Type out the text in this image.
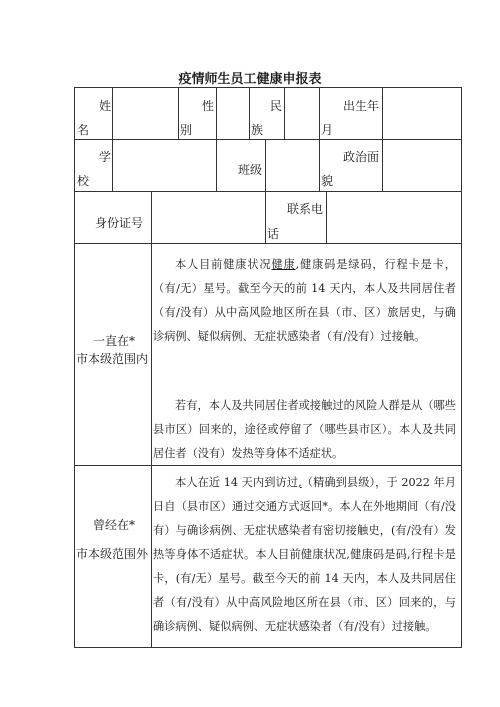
疫情师生员工健康申报表
姓
名
性
别
民
族
出生年
月
学
校
班级
政治面
貌
身份证号
联系电
话
一直在*
市本级范围内

本人目前健康状况健康,健康码是绿码，行程卡是卡，（有/无）星号。截至今天的前 14 天内，本人及共同居住者（有/没有）从中高风险地区所在县（市、区）旅居史，与确诊病例、疑似病例、无症状感染者（有/没有）过接触。

若有，本人及共同居住者或接触过的风险人群是从（哪些县市区）回来的，途径或停留了（哪些县市区）。本人及共同居住者（没有）发热等身体不适症状。

曾经在*
市本级范围外

本人在近 14 天内到访过,（精确到县级），于 2022 年月日自（县市区）通过交通方式返回*。本人在外地期间（有/没有）与确诊病例、无症状感染者有密切接触史，(有/没有）发热等身体不适症状。本人目前健康状况,健康码是码,行程卡是卡，(有/无）星号。截至今天的前 14 天内，本人及共同居住者（有/没有）从中高风险地区所在县（市、区）回来的，与确诊病例、疑似病例、无症状感染者（有/没有）过接触。
